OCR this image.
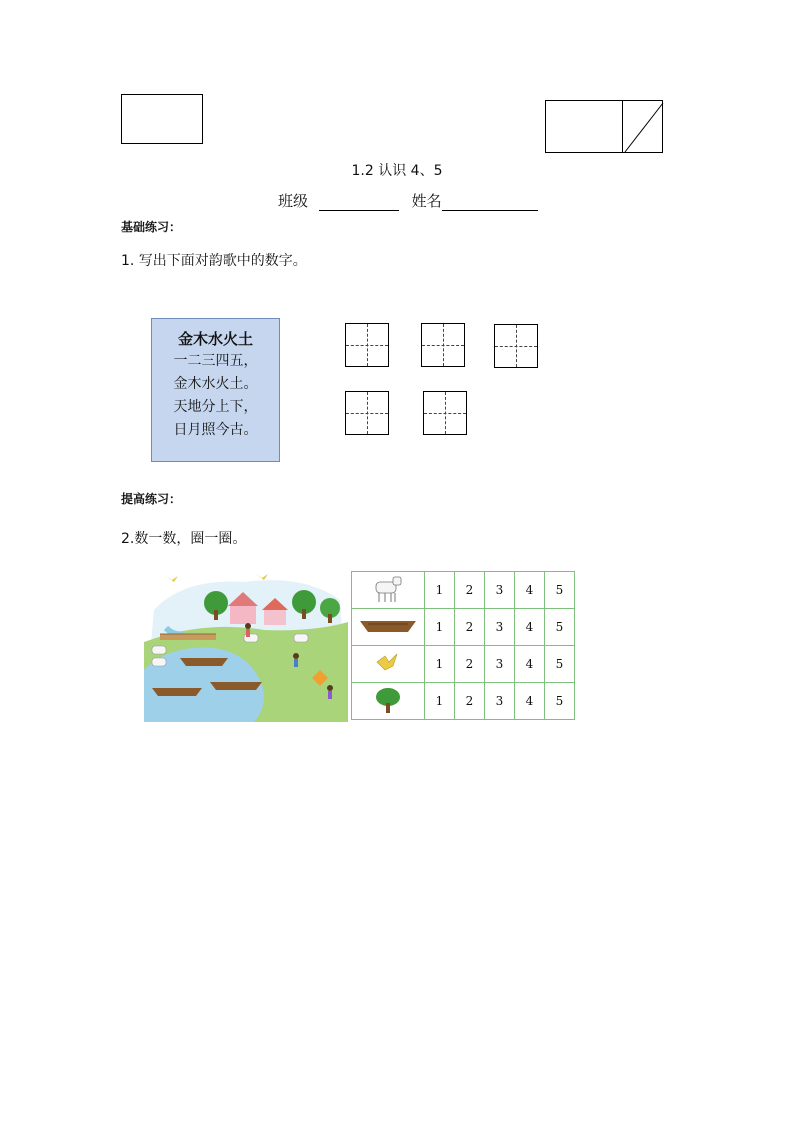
1.2 认识 4、5
班级	姓名
基础练习：
1. 写出下面对韵歌中的数字。
金木水火土
一二三四五，
金木水火土。
天地分上下，
日月照今古。
提高练习：
2.数一数，圈一圈。
	1	2	3	4	5
	1	2	3	4	5
	1	2	3	4	5
	1	2	3	4	5
